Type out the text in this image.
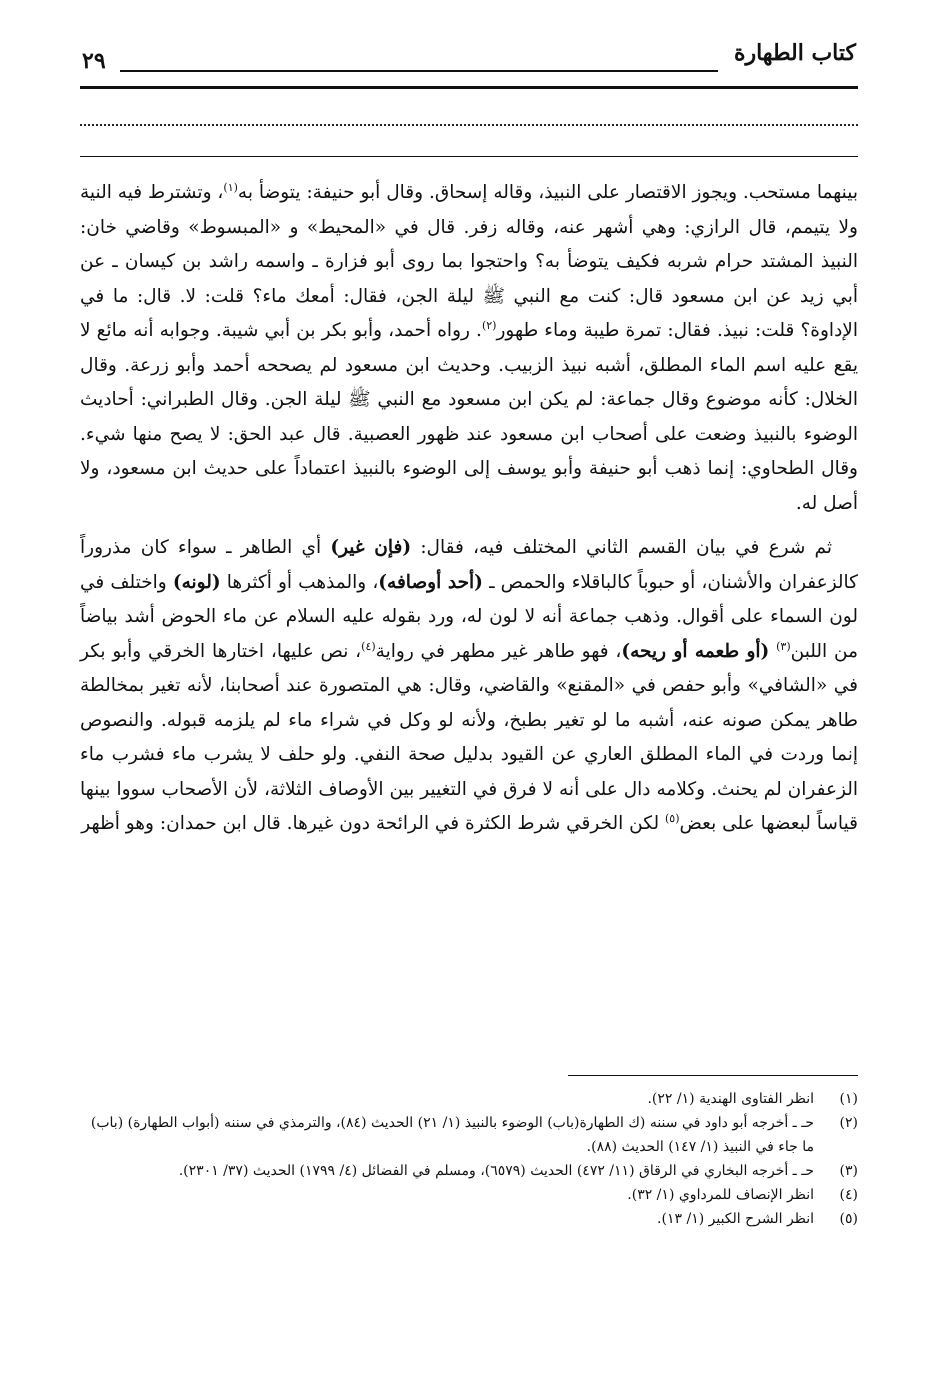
كتاب الطهارة
٢٩

بينهما مستحب. ويجوز الاقتصار على النبيذ، وقاله إسحاق. وقال أبو حنيفة: يتوضأ به$^{(١)}$، وتشترط فيه النية ولا يتيمم، قال الرازي: وهي أشهر عنه، وقاله زفر. قال في «المحيط» و «المبسوط» وقاضي خان: النبيذ المشتد حرام شربه فكيف يتوضأ به؟ واحتجوا بما روى أبو فزارة ـ واسمه راشد بن كيسان ـ عن أبي زيد عن ابن مسعود قال: كنت مع النبي ﷺ ليلة الجن، فقال: أمعك ماء؟ قلت: لا. قال: ما في الإداوة؟ قلت: نبيذ. فقال: تمرة طيبة وماء طهور$^{(٢)}$. رواه أحمد، وأبو بكر بن أبي شيبة. وجوابه أنه مائع لا يقع عليه اسم الماء المطلق، أشبه نبيذ الزبيب. وحديث ابن مسعود لم يصححه أحمد وأبو زرعة. وقال الخلال: كأنه موضوع وقال جماعة: لم يكن ابن مسعود مع النبي ﷺ ليلة الجن. وقال الطبراني: أحاديث الوضوء بالنبيذ وضعت على أصحاب ابن مسعود عند ظهور العصبية. قال عبد الحق: لا يصح منها شيء. وقال الطحاوي: إنما ذهب أبو حنيفة وأبو يوسف إلى الوضوء بالنبيذ اعتماداً على حديث ابن مسعود، ولا أصل له.

ثم شرع في بيان القسم الثاني المختلف فيه، فقال: (فإن غير) أي الطاهر ـ سواء كان مذروراً كالزعفران والأشنان، أو حبوباً كالباقلاء والحمص ـ (أحد أوصافه)، والمذهب أو أكثرها (لونه) واختلف في لون السماء على أقوال. وذهب جماعة أنه لا لون له، ورد بقوله عليه السلام عن ماء الحوض أشد بياضاً من اللبن$^{(٣)}$ (أو طعمه أو ريحه)، فهو طاهر غير مطهر في رواية$^{(٤)}$، نص عليها، اختارها الخرقي وأبو بكر في «الشافي» وأبو حفص في «المقنع» والقاضي، وقال: هي المتصورة عند أصحابنا، لأنه تغير بمخالطة طاهر يمكن صونه عنه، أشبه ما لو تغير بطبخ، ولأنه لو وكل في شراء ماء لم يلزمه قبوله. والنصوص إنما وردت في الماء المطلق العاري عن القيود بدليل صحة النفي. ولو حلف لا يشرب ماء فشرب ماء الزعفران لم يحنث. وكلامه دال على أنه لا فرق في التغيير بين الأوصاف الثلاثة، لأن الأصحاب سووا بينها قياساً لبعضها على بعض$^{(٥)}$ لكن الخرقي شرط الكثرة في الرائحة دون غيرها. قال ابن حمدان: وهو أظهر

(١)
انظر الفتاوى الهندية (١/ ٢٢).
(٢)
حـ ـ أخرجه أبو داود في سننه (ك الطهارة(باب) الوضوء بالنبيذ (١/ ٢١) الحديث (٨٤)، والترمذي في سننه (أبواب الطهارة) (باب) ما جاء في النبيذ (١/ ١٤٧) الحديث (٨٨).
(٣)
حـ ـ أخرجه البخاري في الرقاق (١١/ ٤٧٢) الحديث (٦٥٧٩)، ومسلم في الفضائل (٤/ ١٧٩٩) الحديث (٣٧/ ٢٣٠١).
(٤)
انظر الإنصاف للمرداوي (١/ ٣٢).
(٥)
انظر الشرح الكبير (١/ ١٣).
